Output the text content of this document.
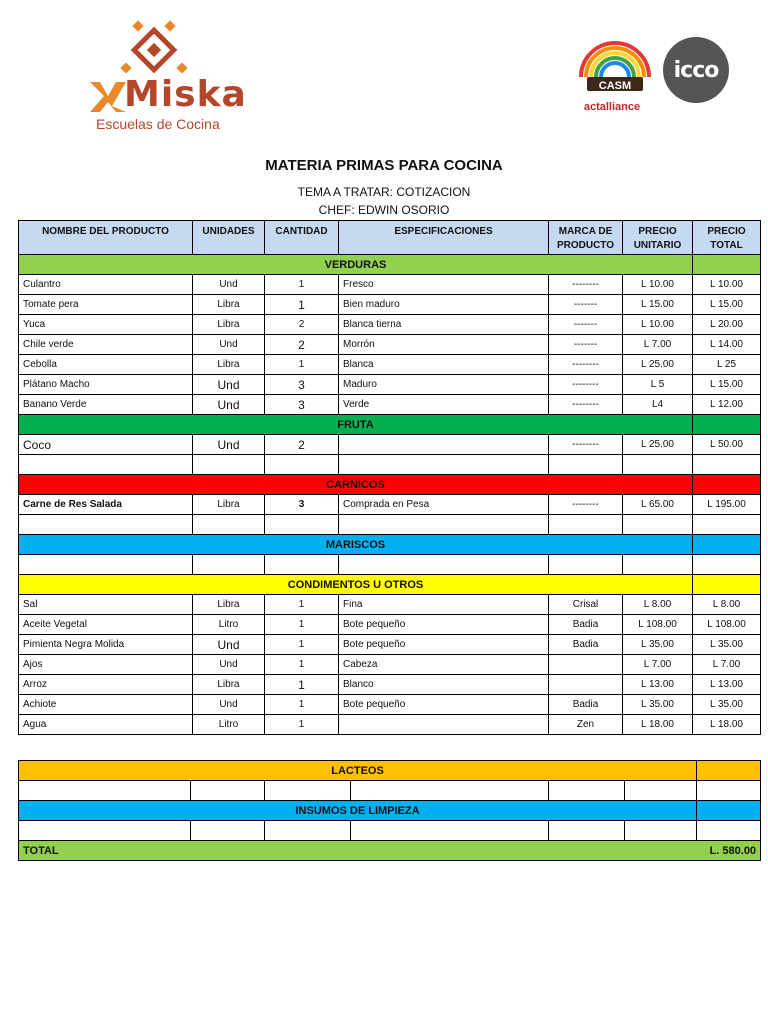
Miska
Escuelas de Cocina
CASM
actalliance
icco
MATERIA PRIMAS PARA COCINA
TEMA A TRATAR: COTIZACION
CHEF: EDWIN OSORIO
NOMBRE DEL PRODUCTO	UNIDADES	CANTIDAD	ESPECIFICACIONES	MARCA DE PRODUCTO	PRECIO UNITARIO	PRECIO TOTAL
VERDURAS						
Culantro	Und	1	Fresco	--------	L 10.00	L 10.00
Tomate pera	Libra	1	Bien maduro	-------	L 15.00	L 15.00
Yuca	Libra	2	Blanca tierna	-------	L 10.00	L 20.00
Chile verde	Und	2	Morrón	-------	L 7.00	L 14.00
Cebolla	Libra	1	Blanca	--------	L 25.00	L 25
Plátano Macho	Und	3	Maduro	--------	L 5	L 15.00
Banano Verde	Und	3	Verde	--------	L4	L 12.00
FRUTA						
Coco	Und	2		--------	L 25.00	L 50.00

CARNICOS						
Carne de Res Salada	Libra	3	Comprada en Pesa	--------	L 65.00	L 195.00

MARISCOS						

CONDIMENTOS U OTROS						
Sal	Libra	1	Fina	Crisal	L 8.00	L 8.00
Aceite Vegetal	Litro	1	Bote pequeño	Badia	L 108.00	L 108.00
Pimienta Negra Molida	Und	1	Bote pequeño	Badia	L 35.00	L 35.00
Ajos	Und	1	Cabeza		L 7.00	L 7.00
Arroz	Libra	1	Blanco		L 13.00	L 13.00
Achiote	Und	1	Bote pequeño	Badia	L 35.00	L 35.00
Agua	Litro	1		Zen	L 18.00	L 18.00
LACTEOS						

INSUMOS DE LIMPIEZA						

TOTAL						L. 580.00
